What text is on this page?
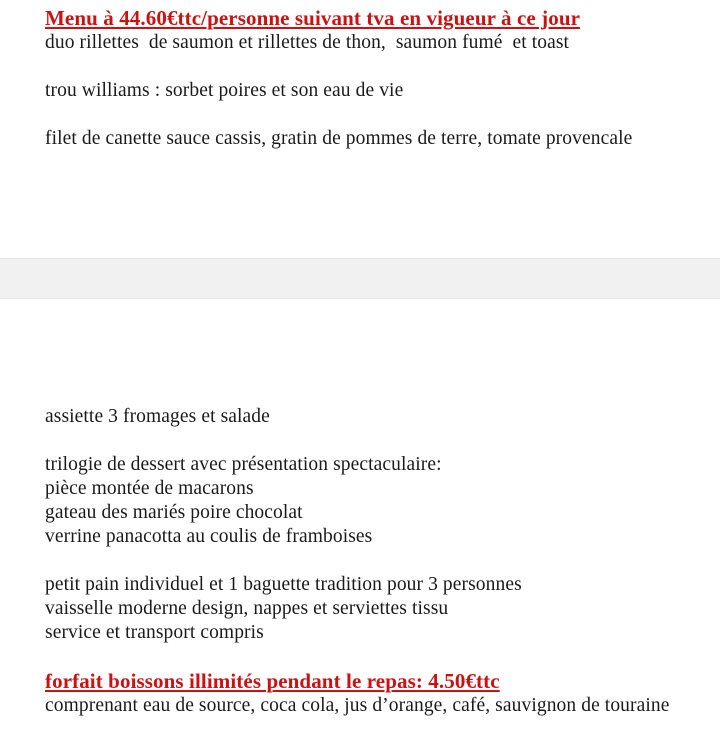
Menu à 44.60€ttc/personne suivant tva en vigueur à ce jour
duo rillettes  de saumon et rillettes de thon,  saumon fumé  et toast
trou williams : sorbet poires et son eau de vie
filet de canette sauce cassis, gratin de pommes de terre, tomate provencale
assiette 3 fromages et salade
trilogie de dessert avec présentation spectaculaire:
pièce montée de macarons
gateau des mariés poire chocolat
verrine panacotta au coulis de framboises
petit pain individuel et 1 baguette tradition pour 3 personnes
vaisselle moderne design, nappes et serviettes tissu
service et transport compris
forfait boissons illimités pendant le repas: 4.50€ttc
comprenant eau de source, coca cola, jus d’orange, café, sauvignon de touraine
